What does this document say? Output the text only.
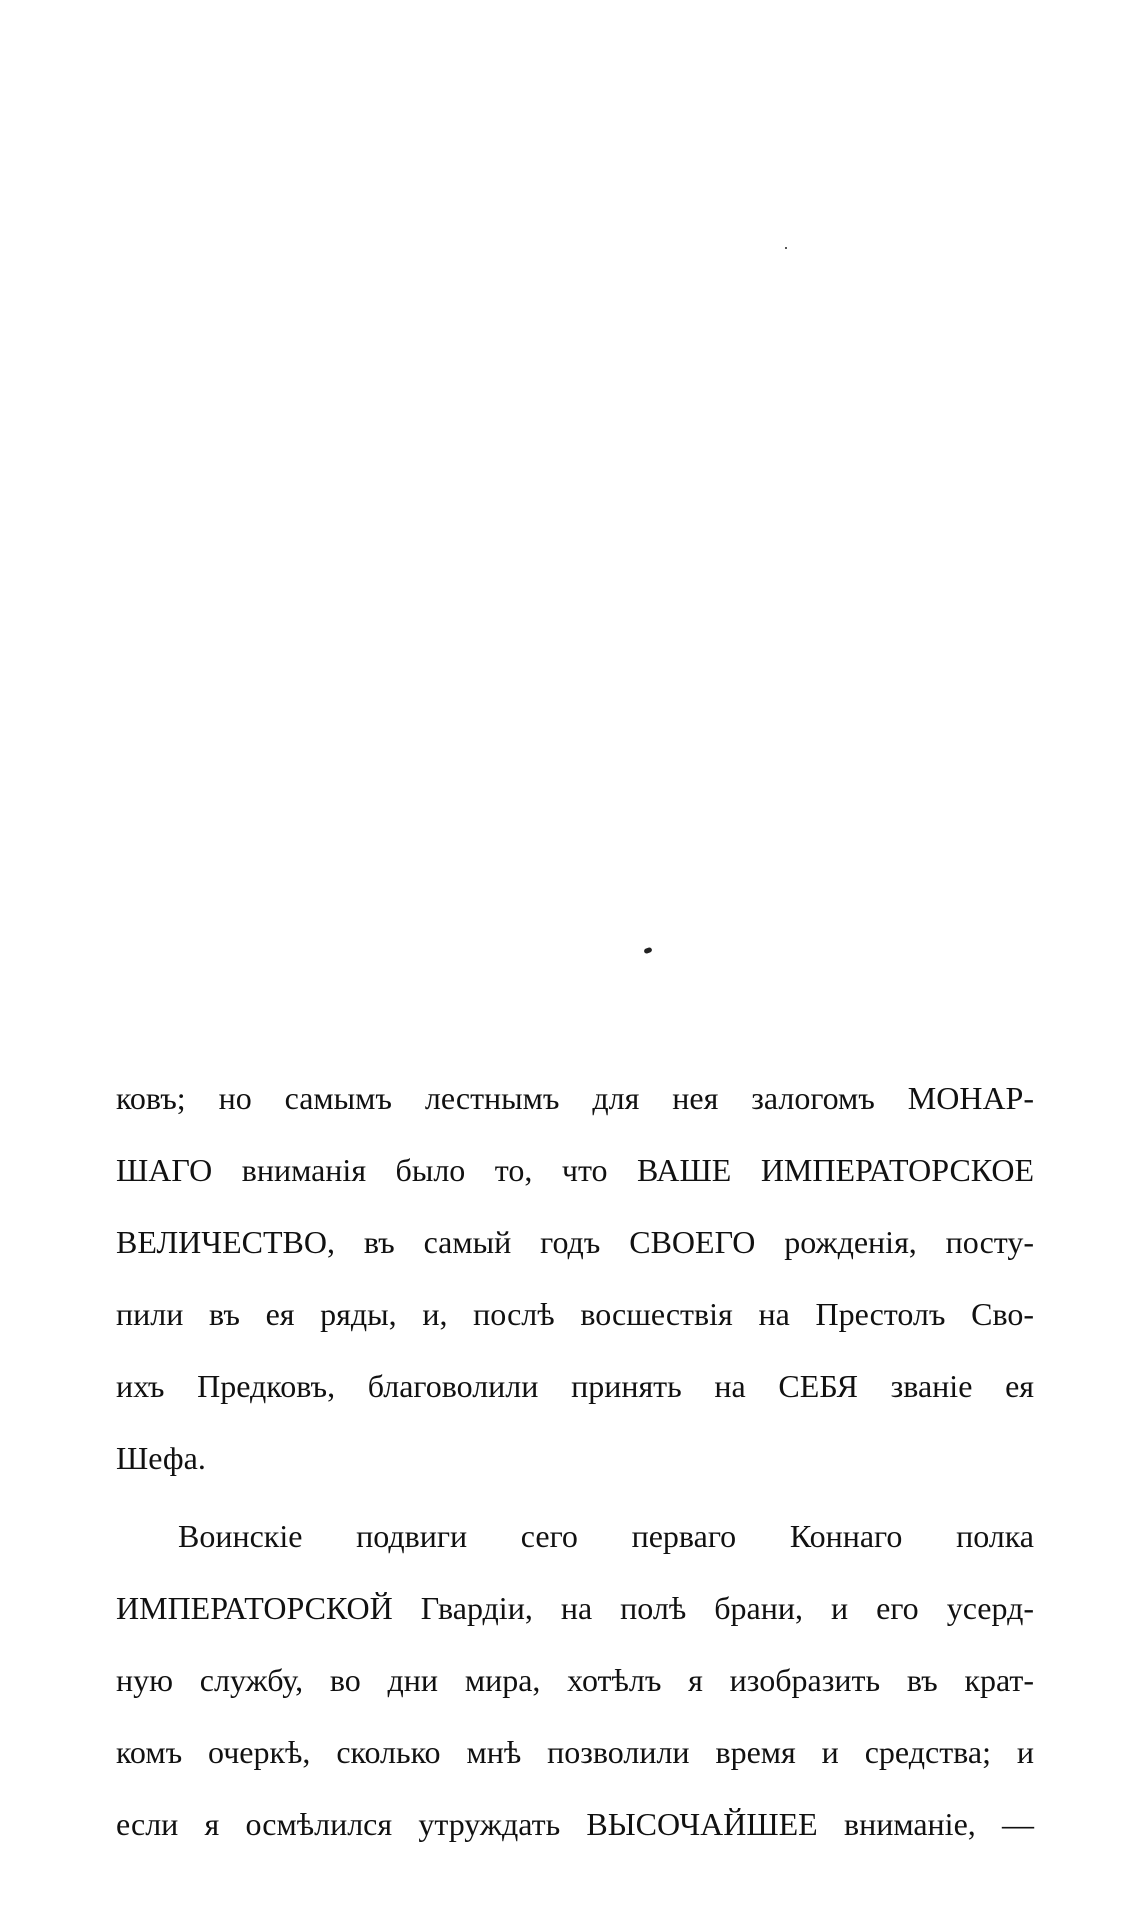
ковъ; но самымъ лестнымъ для нея залогомъ МОНАР-
ШАГО вниманія было то, что ВАШЕ ИМПЕРАТОРСКОЕ
ВЕЛИЧЕСТВО, въ самый годъ СВОЕГО рожденія, посту-
пили въ ея ряды, и, послѣ восшествія на Престолъ Сво-
ихъ Предковъ, благоволили принять на СЕБЯ званіе ея
Шефа.
Воинскіе подвиги сего перваго Коннаго полка
ИМПЕРАТОРСКОЙ Гвардіи, на полѣ брани, и его усерд-
ную службу, во дни мира, хотѣлъ я изобразить въ крат-
комъ очеркѣ, сколько мнѣ позволили время и средства; и
если я осмѣлился утруждать ВЫСОЧАЙШЕЕ вниманіе, —
